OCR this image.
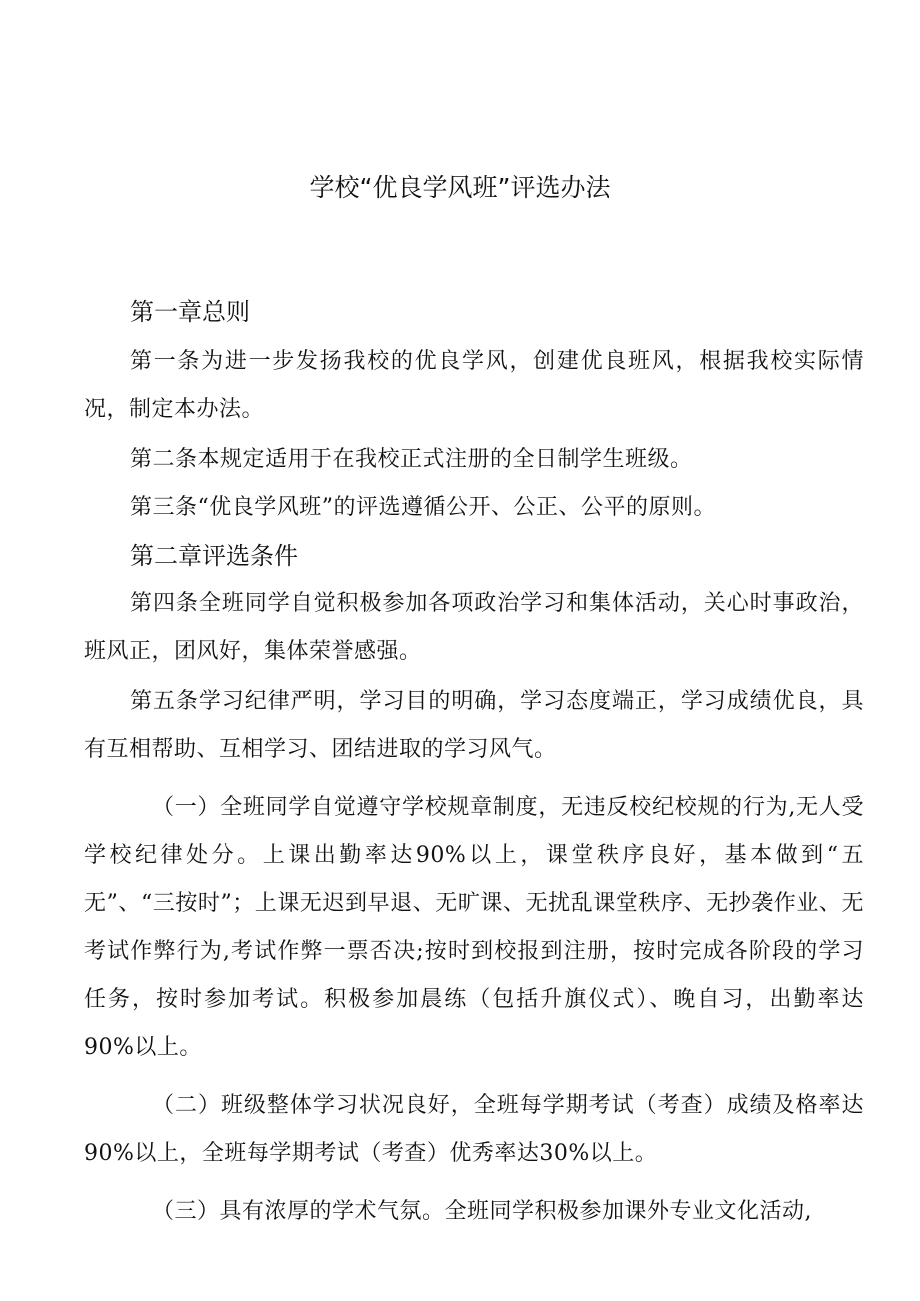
学校“优良学风班”评选办法
第一章总则

第一条为进一步发扬我校的优良学风，创建优良班风，根据我校实际情况，制定本办法。

第二条本规定适用于在我校正式注册的全日制学生班级。

第三条“优良学风班”的评选遵循公开、公正、公平的原则。

第二章评选条件

第四条全班同学自觉积极参加各项政治学习和集体活动，关心时事政治，班风正，团风好，集体荣誉感强。

第五条学习纪律严明，学习目的明确，学习态度端正，学习成绩优良，具有互相帮助、互相学习、团结进取的学习风气。

（一）全班同学自觉遵守学校规章制度，无违反校纪校规的行为,无人受学校纪律处分。上课出勤率达90%以上，课堂秩序良好，基本做到“五无”、“三按时”；上课无迟到早退、无旷课、无扰乱课堂秩序、无抄袭作业、无考试作弊行为,考试作弊一票否决;按时到校报到注册，按时完成各阶段的学习任务，按时参加考试。积极参加晨练（包括升旗仪式）、晚自习，出勤率达90%以上。

（二）班级整体学习状况良好，全班每学期考试（考查）成绩及格率达90%以上，全班每学期考试（考查）优秀率达30%以上。

（三）具有浓厚的学术气氛。全班同学积极参加课外专业文化活动,
